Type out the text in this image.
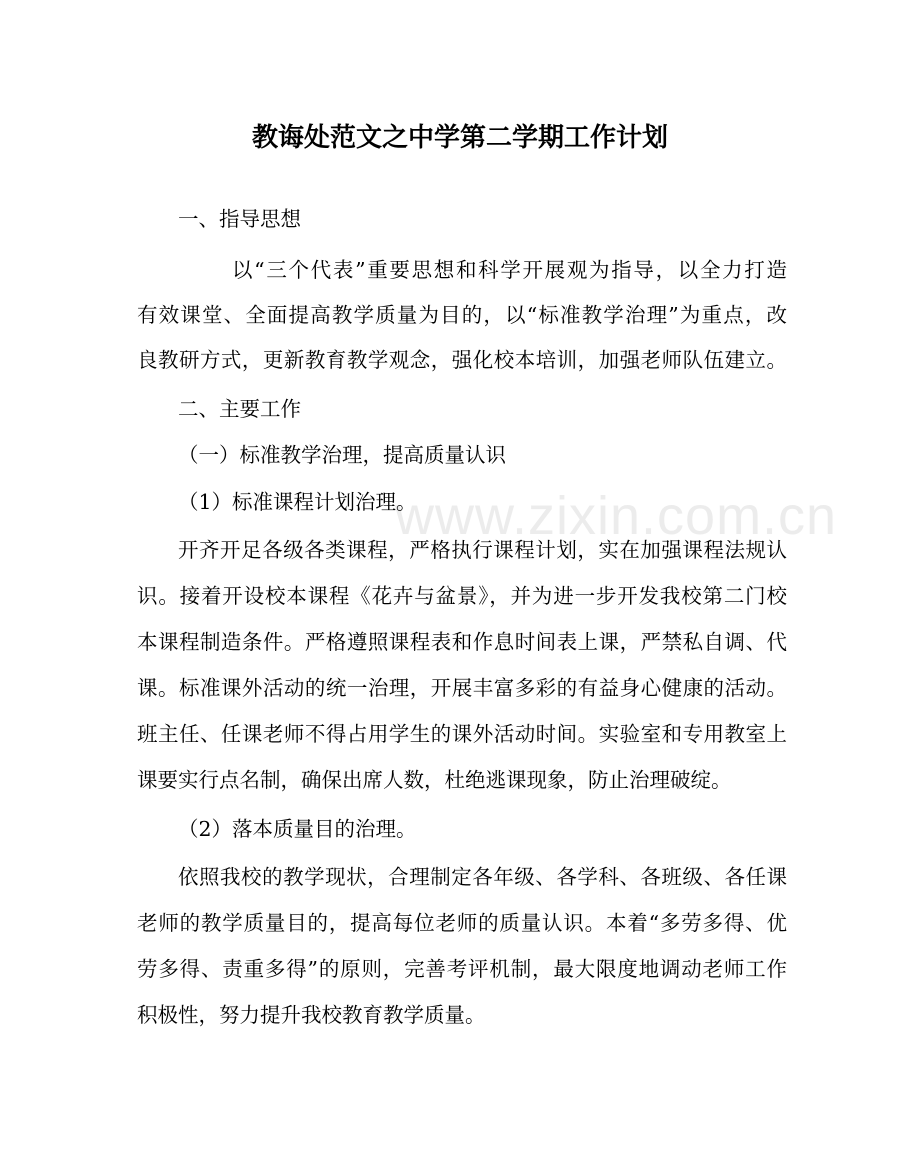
www.zixin.com.cn
教诲处范文之中学第二学期工作计划
一、指导思想
以“三个代表”重要思想和科学开展观为指导，以全力打造
有效课堂、全面提高教学质量为目的，以“标准教学治理”为重点，改
良教研方式，更新教育教学观念，强化校本培训，加强老师队伍建立。
二、主要工作
（一）标准教学治理，提高质量认识
（1）标准课程计划治理。
开齐开足各级各类课程，严格执行课程计划，实在加强课程法规认
识。接着开设校本课程《花卉与盆景》，并为进一步开发我校第二门校
本课程制造条件。严格遵照课程表和作息时间表上课，严禁私自调、代
课。标准课外活动的统一治理，开展丰富多彩的有益身心健康的活动。
班主任、任课老师不得占用学生的课外活动时间。实验室和专用教室上
课要实行点名制，确保出席人数，杜绝逃课现象，防止治理破绽。
（2）落本质量目的治理。
依照我校的教学现状，合理制定各年级、各学科、各班级、各任课
老师的教学质量目的，提高每位老师的质量认识。本着“多劳多得、优
劳多得、责重多得”的原则，完善考评机制，最大限度地调动老师工作
积极性，努力提升我校教育教学质量。
